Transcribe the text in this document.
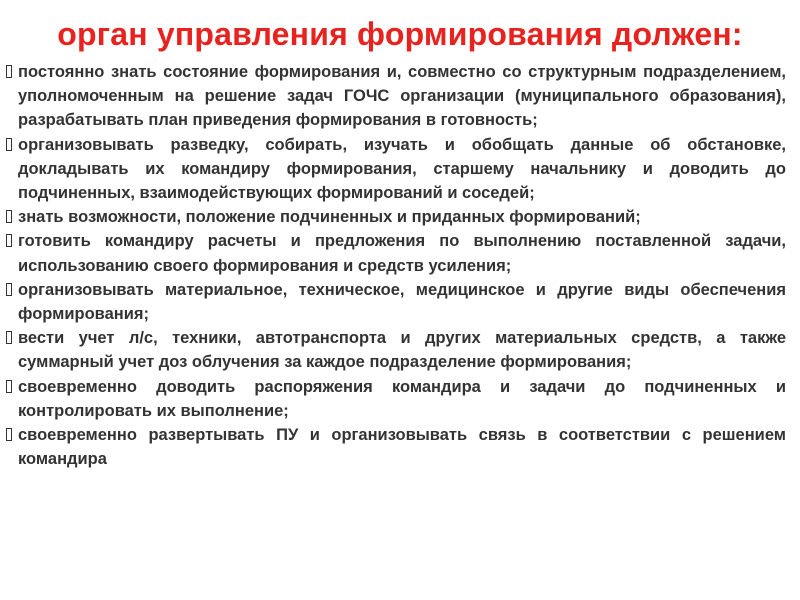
орган управления формирования должен:
постоянно знать состояние формирования и, совместно со структурным подразделением, уполномоченным на решение задач ГОЧС организации (муниципального образования), разрабатывать план приведения формирования в готовность;
организовывать разведку, собирать, изучать и обобщать данные об обстановке, докладывать их командиру формирования, старшему начальнику и доводить до подчиненных, взаимодействующих формирований и соседей;
знать возможности, положение подчиненных и приданных формирований;
готовить командиру расчеты и предложения по выполнению поставленной задачи, использованию своего формирования и средств усиления;
организовывать материальное, техническое, медицинское и другие виды обеспечения формирования;
вести учет л/с, техники, автотранспорта и других материальных средств, а также суммарный учет доз облучения за каждое подразделение формирования;
своевременно доводить распоряжения командира и задачи до подчиненных и контролировать их выполнение;
своевременно развертывать ПУ и организовывать связь в соответствии с решением командира
